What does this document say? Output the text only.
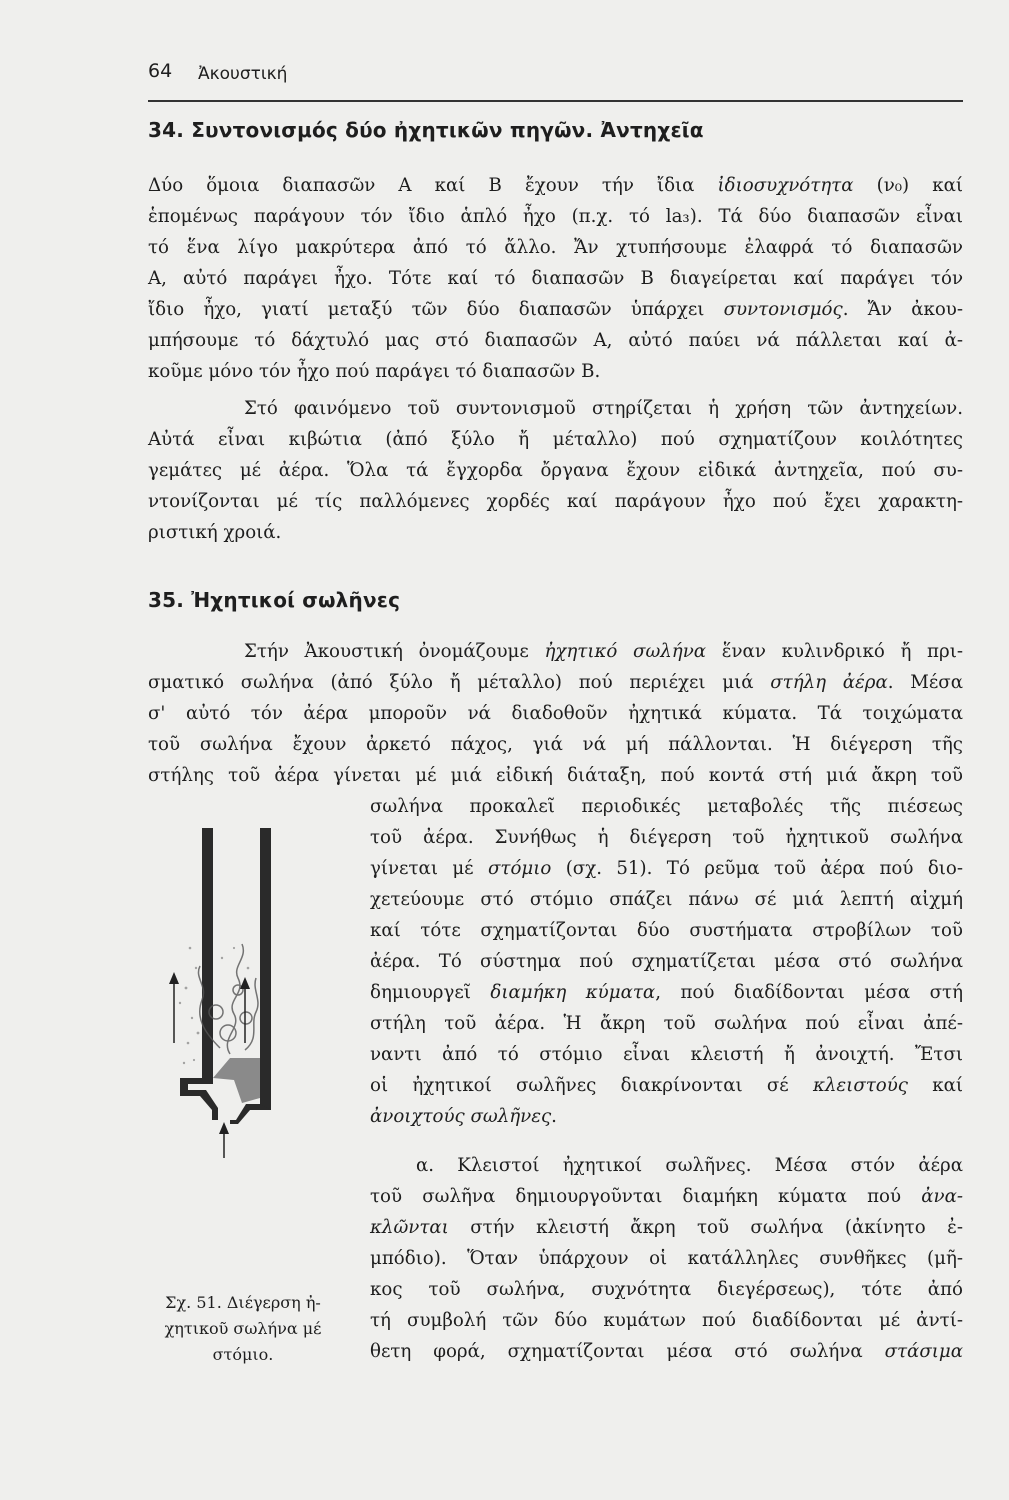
64 Ἀκουστική
34. Συντονισμός δύο ἠχητικῶν πηγῶν. Ἀντηχεῖα
Δύο ὅμοια διαπασῶν Α καί Β ἔχουν τήν ἴδια ἰδιοσυχνότητα (ν₀) καί
ἑπομένως παράγουν τόν ἴδιο ἁπλό ἦχο (π.χ. τό la₃). Τά δύο διαπασῶν εἶναι
τό ἕνα λίγο μακρύτερα ἀπό τό ἄλλο. Ἄν χτυπήσουμε ἐλαφρά τό διαπασῶν
Α, αὐτό παράγει ἦχο. Τότε καί τό διαπασῶν Β διαγείρεται καί παράγει τόν
ἴδιο ἦχο, γιατί μεταξύ τῶν δύο διαπασῶν ὑπάρχει συντονισμός. Ἄν ἀκου-
μπήσουμε τό δάχτυλό μας στό διαπασῶν Α, αὐτό παύει νά πάλλεται καί ἀ-
κοῦμε μόνο τόν ἦχο πού παράγει τό διαπασῶν Β.
Στό φαινόμενο τοῦ συντονισμοῦ στηρίζεται ἡ χρήση τῶν ἀντηχείων.
Αὐτά εἶναι κιβώτια (ἀπό ξύλο ἤ μέταλλο) πού σχηματίζουν κοιλότητες
γεμάτες μέ ἀέρα. Ὅλα τά ἔγχορδα ὄργανα ἔχουν εἰδικά ἀντηχεῖα, πού συ-
ντονίζονται μέ τίς παλλόμενες χορδές καί παράγουν ἦχο πού ἔχει χαρακτη-
ριστική χροιά.
35. Ἠχητικοί σωλῆνες
Στήν Ἀκουστική ὀνομάζουμε ἠχητικό σωλήνα ἕναν κυλινδρικό ἤ πρι-
σματικό σωλήνα (ἀπό ξύλο ἤ μέταλλο) πού περιέχει μιά στήλη ἀέρα. Μέσα
σ' αὐτό τόν ἀέρα μποροῦν νά διαδοθοῦν ἠχητικά κύματα. Τά τοιχώματα
τοῦ σωλήνα ἔχουν ἀρκετό πάχος, γιά νά μή πάλλονται. Ἡ διέγερση τῆς
στήλης τοῦ ἀέρα γίνεται μέ μιά εἰδική διάταξη, πού κοντά στή μιά ἄκρη τοῦ
σωλήνα προκαλεῖ περιοδικές μεταβολές τῆς πιέσεως
τοῦ ἀέρα. Συνήθως ἡ διέγερση τοῦ ἠχητικοῦ σωλήνα
γίνεται μέ στόμιο (σχ. 51). Τό ρεῦμα τοῦ ἀέρα πού διο-
χετεύουμε στό στόμιο σπάζει πάνω σέ μιά λεπτή αἰχμή
καί τότε σχηματίζονται δύο συστήματα στροβίλων τοῦ
ἀέρα. Τό σύστημα πού σχηματίζεται μέσα στό σωλήνα
δημιουργεῖ διαμήκη κύματα, πού διαδίδονται μέσα στή
στήλη τοῦ ἀέρα. Ἡ ἄκρη τοῦ σωλήνα πού εἶναι ἀπέ-
ναντι ἀπό τό στόμιο εἶναι κλειστή ἤ ἀνοιχτή. Ἔτσι
οἱ ἠχητικοί σωλῆνες διακρίνονται σέ κλειστούς καί
ἀνοιχτούς σωλῆνες.
α. Κλειστοί ἠχητικοί σωλῆνες. Μέσα στόν ἀέρα
τοῦ σωλῆνα δημιουργοῦνται διαμήκη κύματα πού ἀνα-
κλῶνται στήν κλειστή ἄκρη τοῦ σωλήνα (ἀκίνητο ἐ-
μπόδιο). Ὅταν ὑπάρχουν οἱ κατάλληλες συνθῆκες (μῆ-
κος τοῦ σωλήνα, συχνότητα διεγέρσεως), τότε ἀπό
τή συμβολή τῶν δύο κυμάτων πού διαδίδονται μέ ἀντί-
θετη φορά, σχηματίζονται μέσα στό σωλήνα στάσιμα
Σχ. 51. Διέγερση ἠ-
χητικοῦ σωλήνα μέ
στόμιο.
